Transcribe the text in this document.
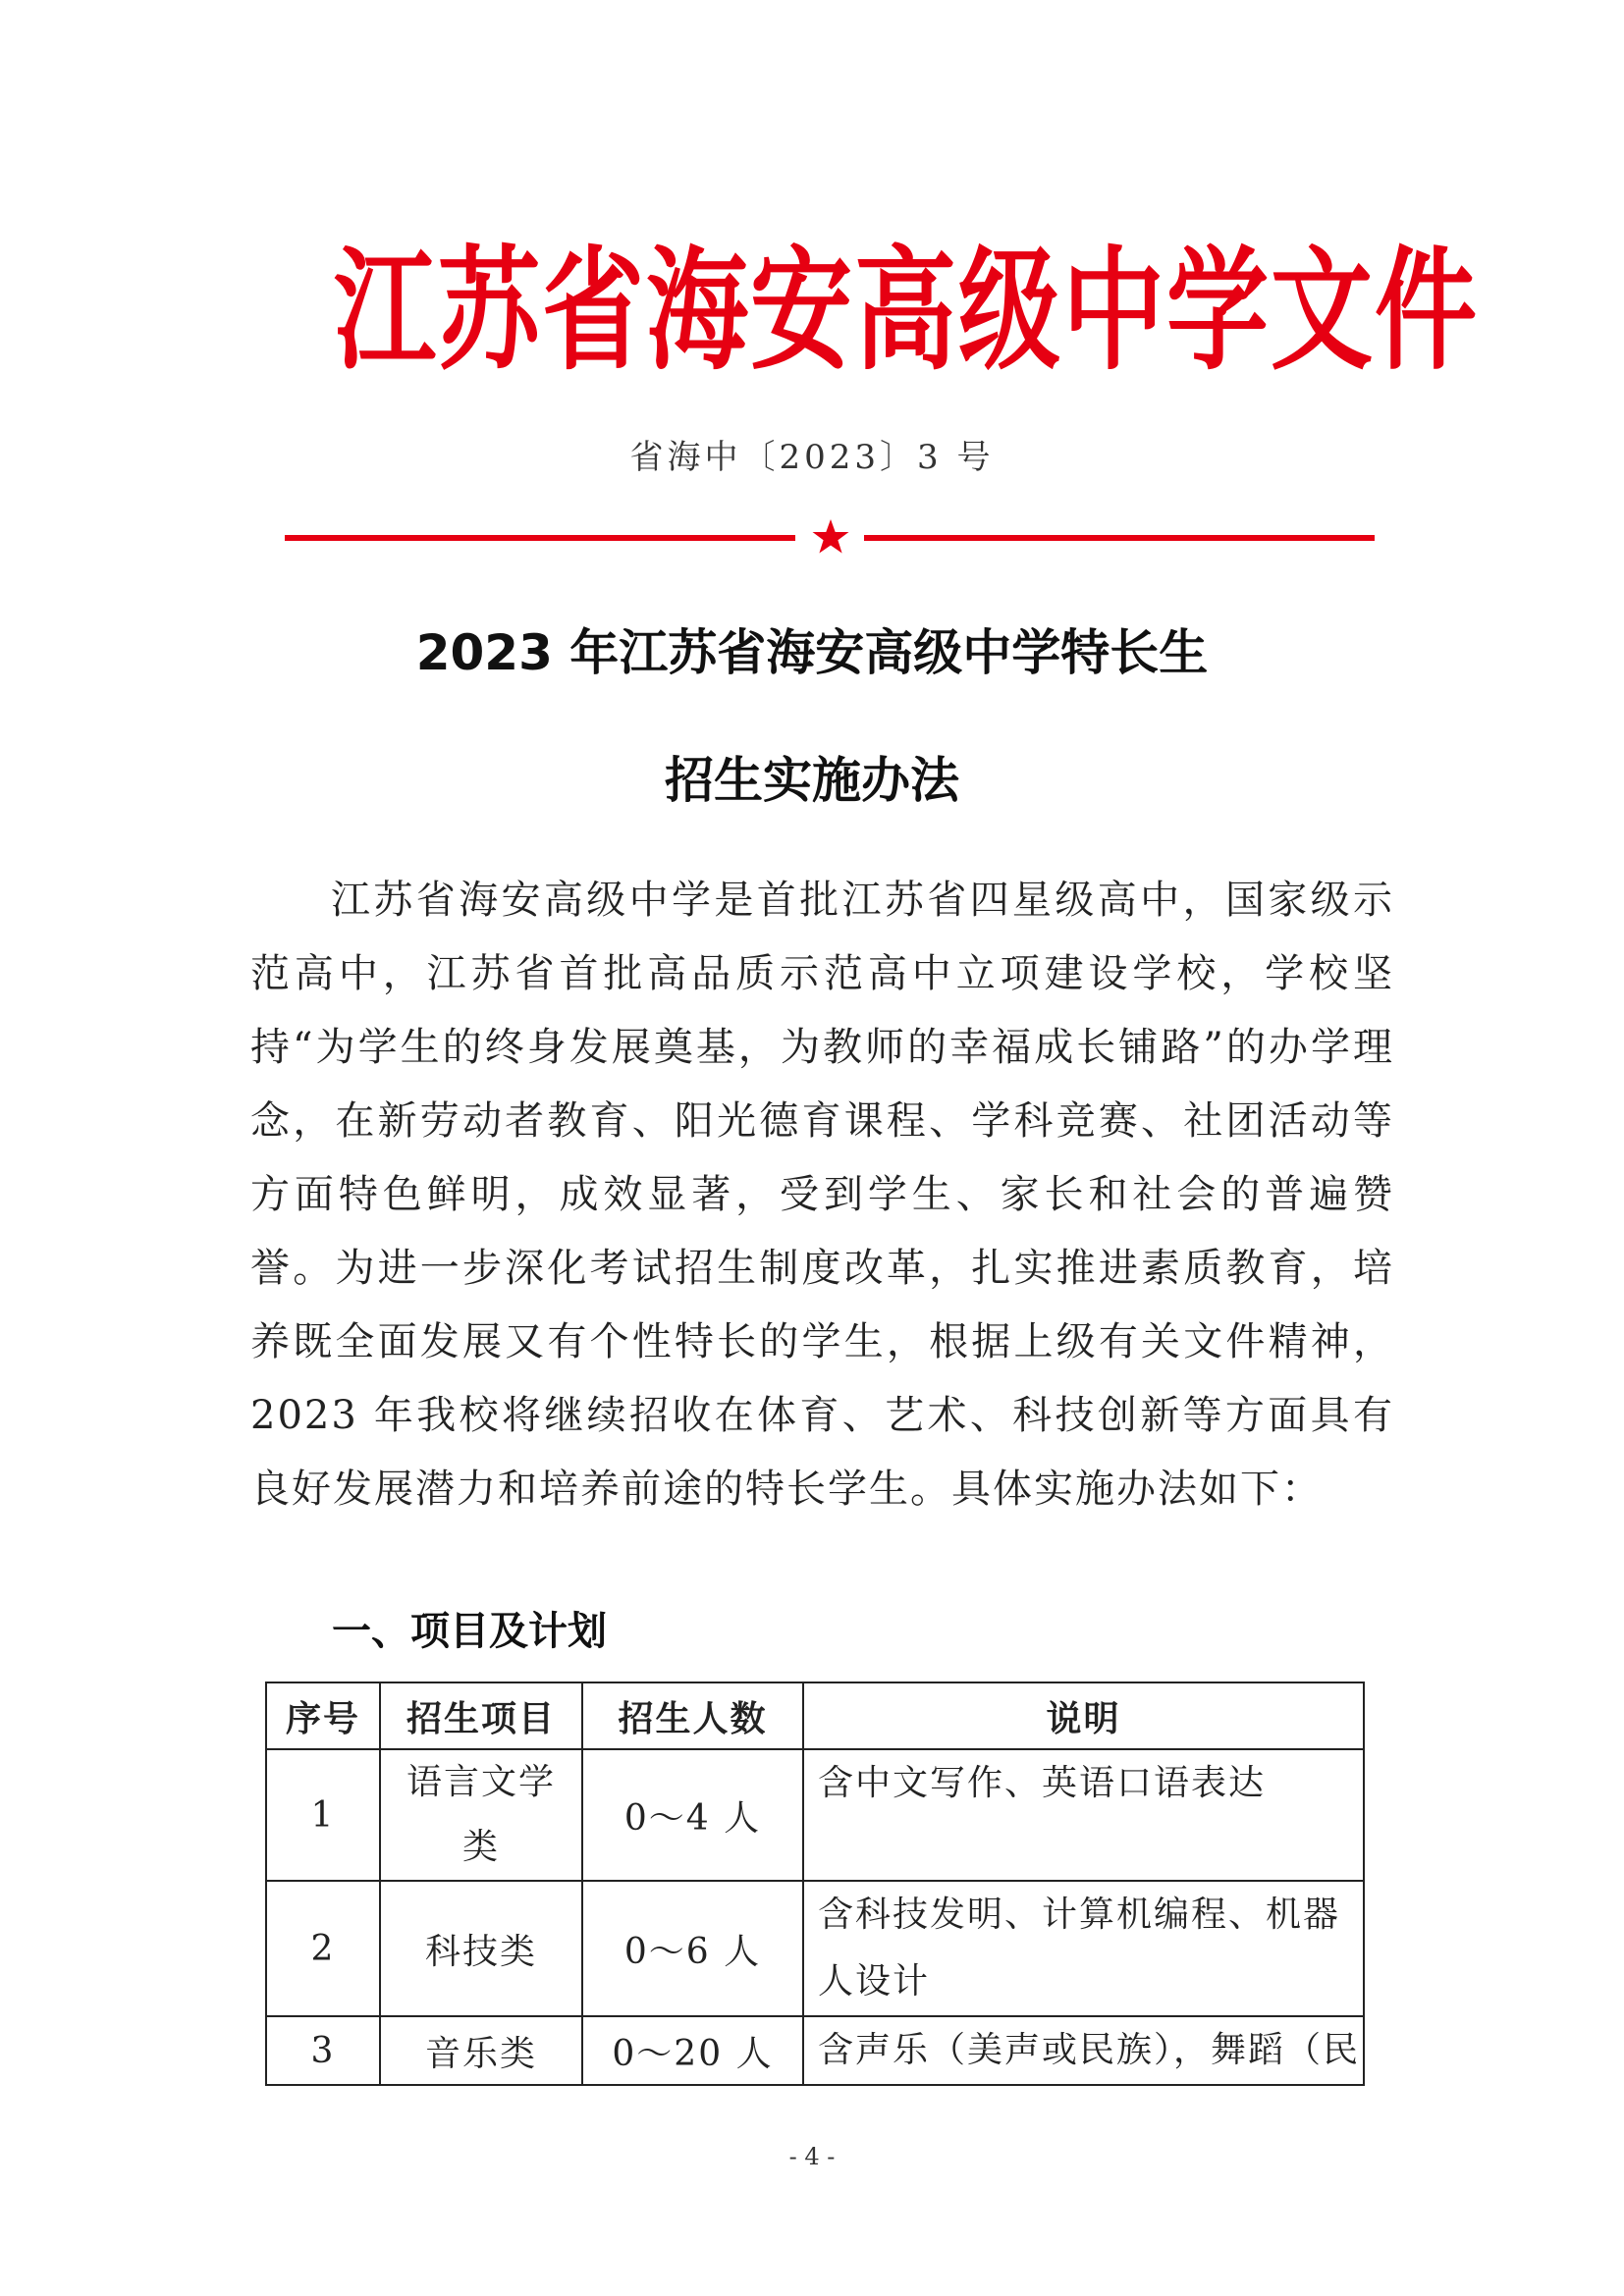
江苏省海安高级中学文件
省海中〔2023〕3 号
2023 年江苏省海安高级中学特长生
招生实施办法

江苏省海安高级中学是首批江苏省四星级高中，国家级示范高中，江苏省首批高品质示范高中立项建设学校，学校坚持“为学生的终身发展奠基，为教师的幸福成长铺路”的办学理念，在新劳动者教育、阳光德育课程、学科竞赛、社团活动等方面特色鲜明，成效显著，受到学生、家长和社会的普遍赞誉。为进一步深化考试招生制度改革，扎实推进素质教育，培养既全面发展又有个性特长的学生，根据上级有关文件精神，2023 年我校将继续招收在体育、艺术、科技创新等方面具有良好发展潜力和培养前途的特长学生。具体实施办法如下：

一、项目及计划
序号	招生项目	招生人数	说明
1	语言文学类	0～4 人	含中文写作、英语口语表达
2	科技类	0～6 人	含科技发明、计算机编程、机器人设计
3	音乐类	0～20 人	含声乐（美声或民族），舞蹈（民
- 4 -
